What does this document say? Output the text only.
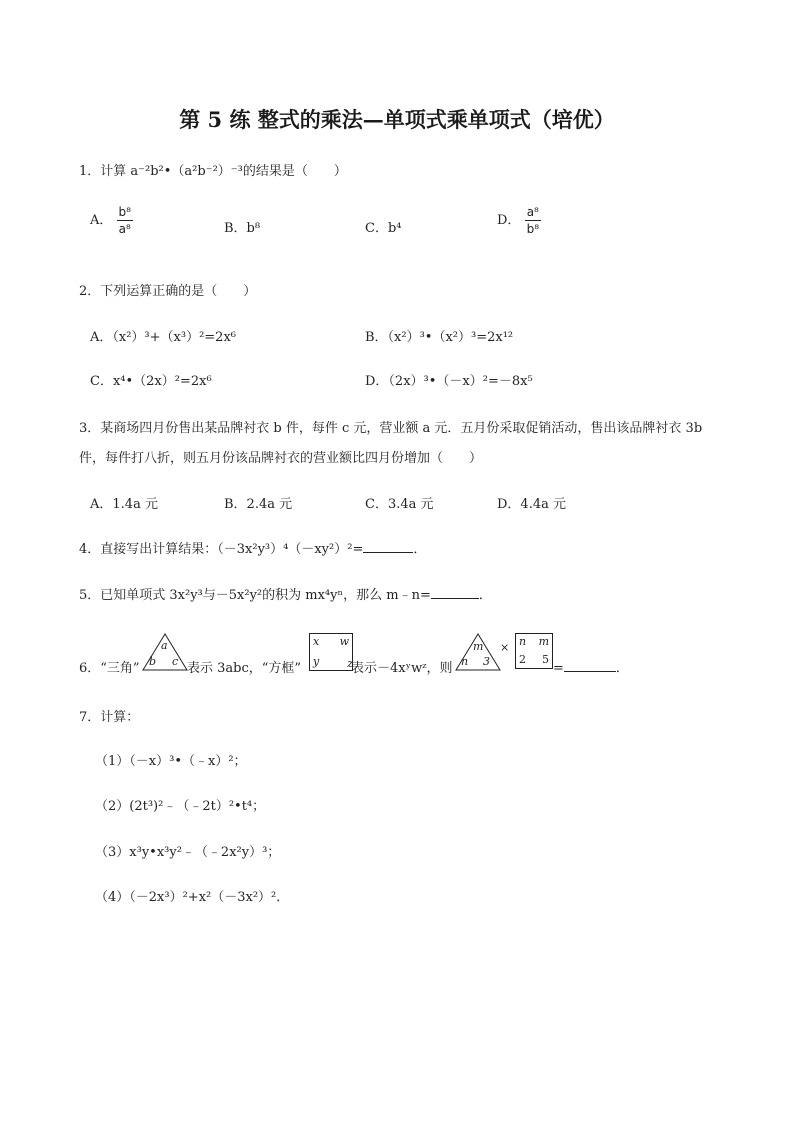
第 5 练 整式的乘法—单项式乘单项式（培优）
1．计算 a⁻²b²•（a²b⁻²）⁻³的结果是（　　）
A． $\frac{\text{b⁸}}{\text{a⁸}}$	B．b⁸	C．b⁴
D． $\frac{\text{a⁸}}{\text{b⁸}}$
2．下列运算正确的是（　　）
A．（x²）³+（x³）²=2x⁶	B．（x²）³•（x²）³=2x¹²
C．x⁴•（2x）²=2x⁶	D．（2x）³•（－x）²=－8x⁵
3．某商场四月份售出某品牌衬衣 b 件，每件 c 元，营业额 a 元．五月份采取促销活动，售出该品牌衬衣 3b
件，每件打八折，则五月份该品牌衬衣的营业额比四月份增加（　　）
A．1.4a 元	B．2.4a 元	C．3.4a 元	D．4.4a 元
4．直接写出计算结果：（－3x²y³）⁴（－xy²）²=	．
5．已知单项式 3x²y³与－5x²y²的积为 mx⁴yⁿ，那么 m﹣n=	．
6．“三角”
a
b c 表示 3abc，“方框”
x w
y	z
表示－4xʸwᶻ，则
m
n 3
× n m
2 5
=	．
7．计算：
（1）（－x）³•（﹣x）²；
（2）(2t³)²﹣（﹣2t）²•t⁴；
（3）x³y•x³y²﹣（﹣2x²y）³；
（4）（－2x³）²+x²（－3x²）²．
